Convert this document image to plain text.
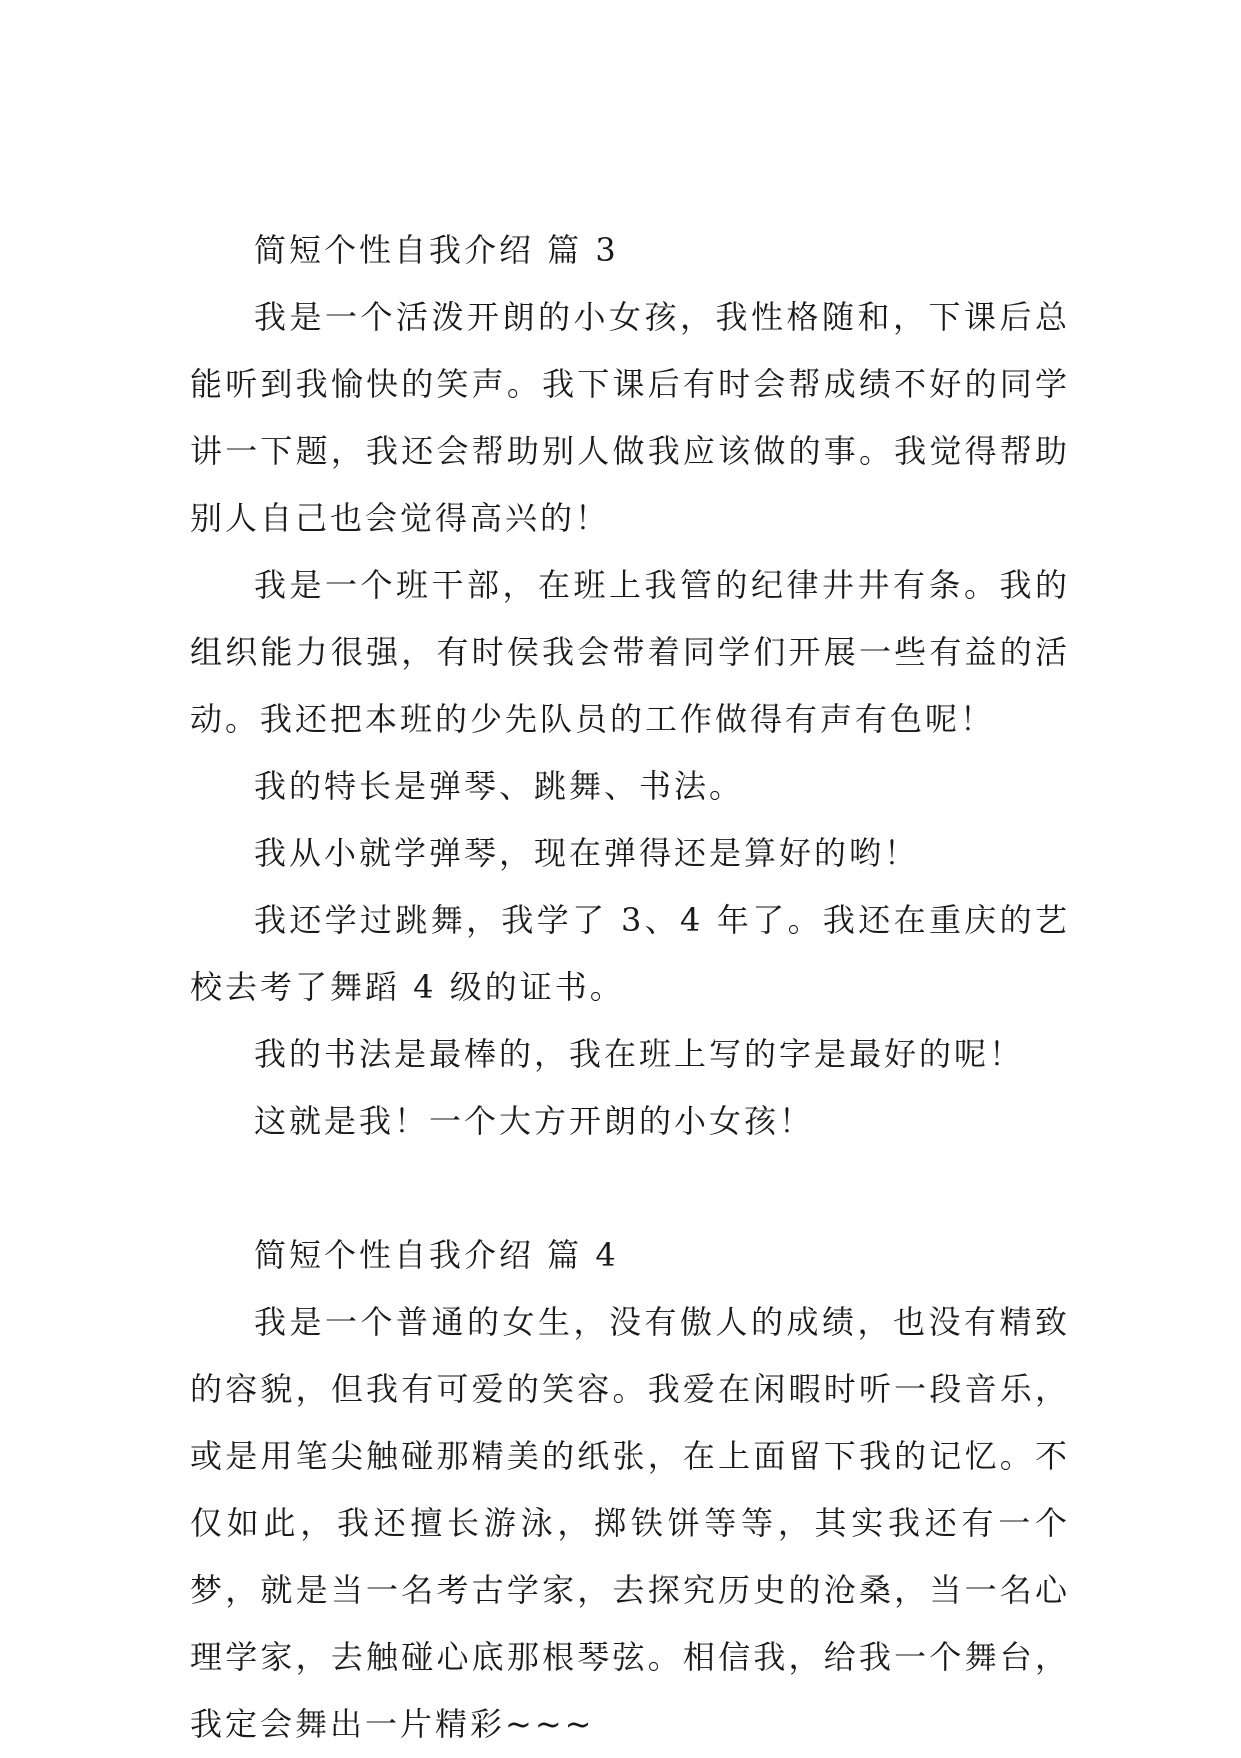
简短个性自我介绍 篇 3

我是一个活泼开朗的小女孩，我性格随和，下课后总能听到我愉快的笑声。我下课后有时会帮成绩不好的同学讲一下题，我还会帮助别人做我应该做的事。我觉得帮助别人自己也会觉得高兴的！

我是一个班干部，在班上我管的纪律井井有条。我的组织能力很强，有时侯我会带着同学们开展一些有益的活动。我还把本班的少先队员的工作做得有声有色呢！

我的特长是弹琴、跳舞、书法。

我从小就学弹琴，现在弹得还是算好的哟！

我还学过跳舞，我学了 3、4 年了。我还在重庆的艺校去考了舞蹈 4 级的证书。

我的书法是最棒的，我在班上写的字是最好的呢！

这就是我！一个大方开朗的小女孩！

简短个性自我介绍 篇 4

我是一个普通的女生，没有傲人的成绩，也没有精致的容貌，但我有可爱的笑容。我爱在闲暇时听一段音乐，或是用笔尖触碰那精美的纸张，在上面留下我的记忆。不仅如此，我还擅长游泳，掷铁饼等等，其实我还有一个梦，就是当一名考古学家，去探究历史的沧桑，当一名心理学家，去触碰心底那根琴弦。相信我，给我一个舞台，我定会舞出一片精彩~~~
